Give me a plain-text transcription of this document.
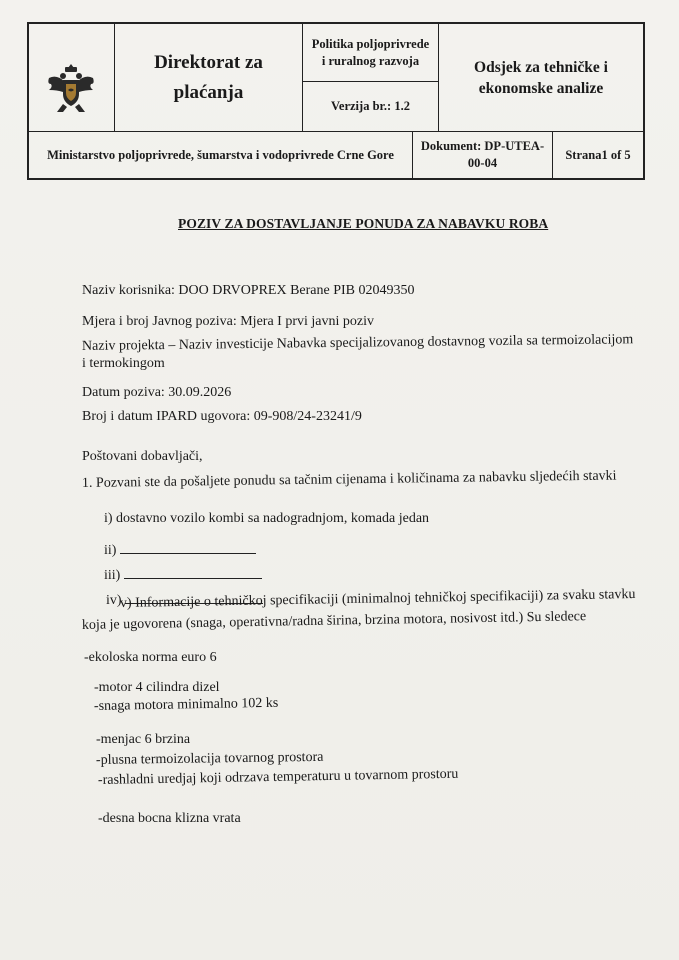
Direktorat za plaćanja
Politika poljoprivrede i ruralnog razvoja
Verzija br.: 1.2
Odsjek za tehničke i ekonomske analize
Ministarstvo poljoprivrede, šumarstva i vodoprivrede Crne Gore
Dokument: DP-UTEA-00-04
Strana1 of 5
POZIV ZA DOSTAVLJANJE PONUDA ZA NABAVKU ROBA
Naziv korisnika: DOO DRVOPREX Berane PIB 02049350
Mjera i broj Javnog poziva: Mjera I prvi javni poziv
Naziv projekta – Naziv investicije Nabavka specijalizovanog dostavnog vozila sa termoizolacijom
i termokingom
Datum poziva: 30.09.2026
Broj i datum IPARD ugovora: 09-908/24-23241/9
Poštovani dobavljači,
1. Pozvani ste da pošaljete ponudu sa tačnim cijenama i količinama za nabavku sljedećih stavki
i) dostavno vozilo kombi sa nadogradnjom, komada jedan
ii)
iii)
iv)
v) Informacije o tehničkoj specifikaciji (minimalnoj tehničkoj specifikaciji) za svaku stavku
koja je ugovorena (snaga, operativna/radna širina, brzina motora, nosivost itd.) Su sledece
-ekoloska norma euro 6
-motor 4 cilindra dizel
-snaga motora minimalno 102 ks
-menjac 6 brzina
-plusna termoizolacija tovarnog prostora
-rashladni uredjaj koji odrzava temperaturu u tovarnom prostoru
-desna bocna klizna vrata
